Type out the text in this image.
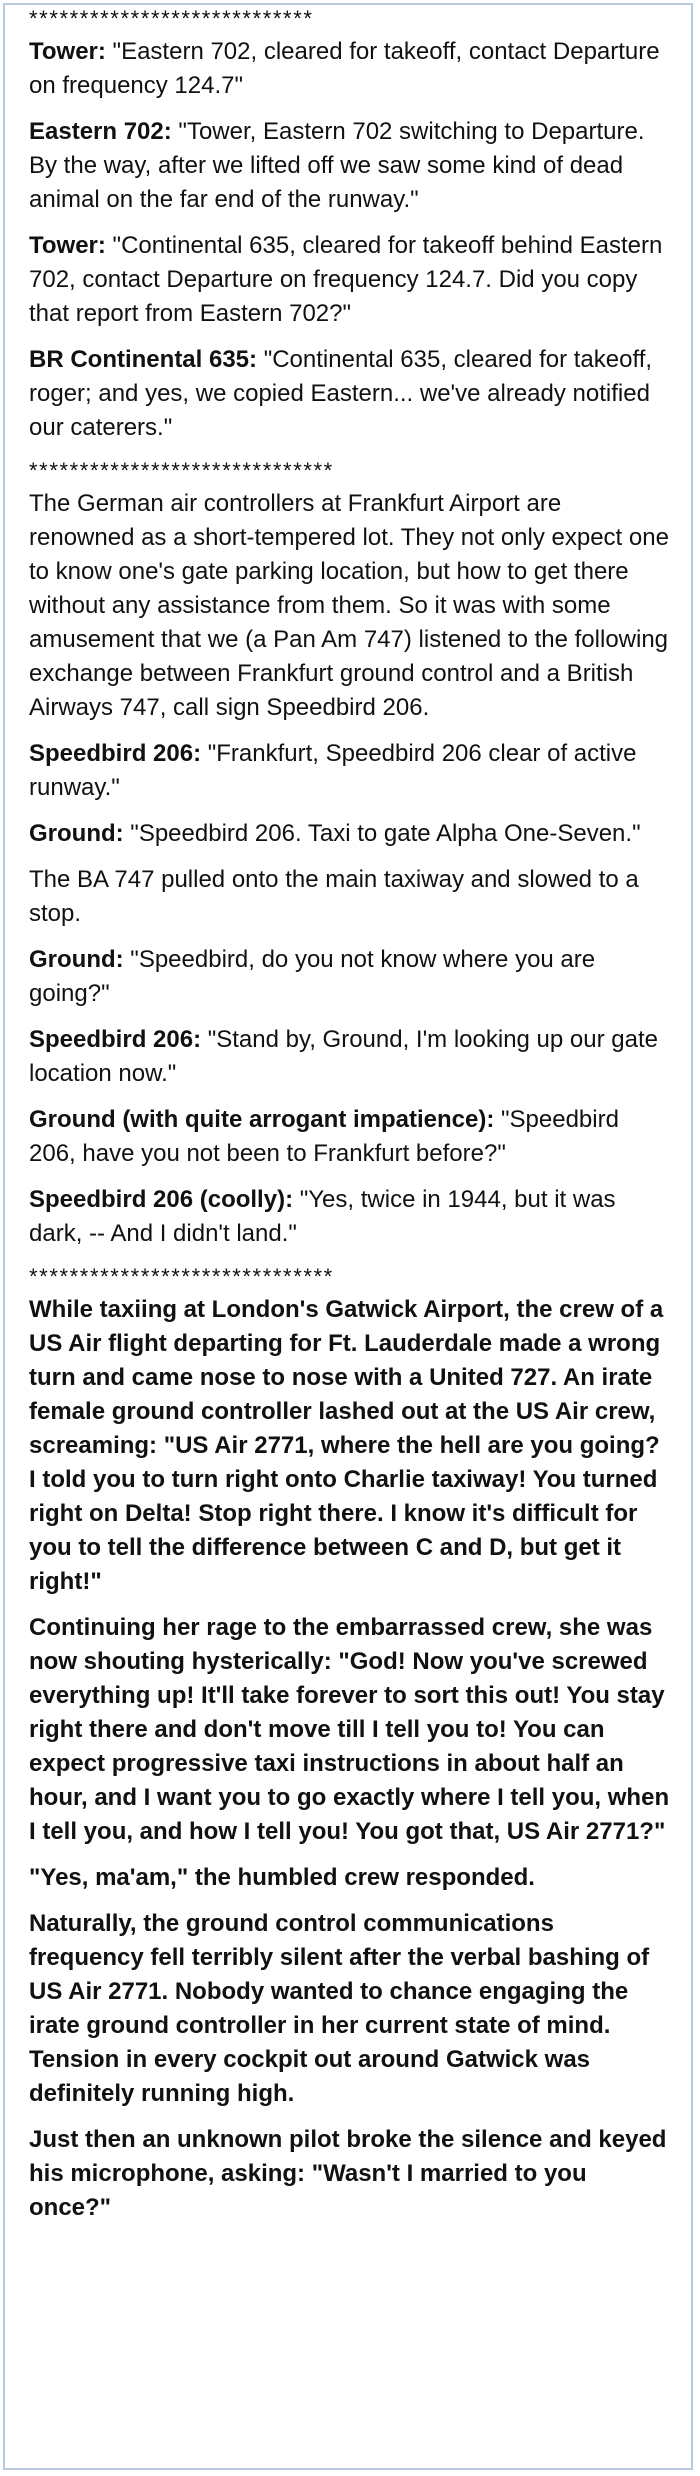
****************************

Tower: "Eastern 702, cleared for takeoff, contact Departure on frequency 124.7"

Eastern 702: "Tower, Eastern 702 switching to Departure. By the way, after we lifted off we saw some kind of dead animal on the far end of the runway."

Tower: "Continental 635, cleared for takeoff behind Eastern 702, contact Departure on frequency 124.7. Did you copy that report from Eastern 702?"

BR Continental 635: "Continental 635, cleared for takeoff, roger; and yes, we copied Eastern... we've already notified our caterers."

******************************

The German air controllers at Frankfurt Airport are renowned as a short-tempered lot. They not only expect one to know one's gate parking location, but how to get there without any assistance from them. So it was with some amusement that we (a Pan Am 747) listened to the following exchange between Frankfurt ground control and a British Airways 747, call sign Speedbird 206.

Speedbird 206: "Frankfurt, Speedbird 206 clear of active runway."

Ground: "Speedbird 206. Taxi to gate Alpha One-Seven."

The BA 747 pulled onto the main taxiway and slowed to a stop.

Ground: "Speedbird, do you not know where you are going?"

Speedbird 206: "Stand by, Ground, I'm looking up our gate location now."

Ground (with quite arrogant impatience): "Speedbird 206, have you not been to Frankfurt before?"

Speedbird 206 (coolly): "Yes, twice in 1944, but it was dark, -- And I didn't land."

******************************

While taxiing at London's Gatwick Airport, the crew of a US Air flight departing for Ft. Lauderdale made a wrong turn and came nose to nose with a United 727. An irate female ground controller lashed out at the US Air crew, screaming: "US Air 2771, where the hell are you going? I told you to turn right onto Charlie taxiway! You turned right on Delta! Stop right there. I know it's difficult for you to tell the difference between C and D, but get it right!"

Continuing her rage to the embarrassed crew, she was now shouting hysterically: "God! Now you've screwed everything up! It'll take forever to sort this out! You stay right there and don't move till I tell you to! You can expect progressive taxi instructions in about half an hour, and I want you to go exactly where I tell you, when I tell you, and how I tell you! You got that, US Air 2771?"

"Yes, ma'am," the humbled crew responded.

Naturally, the ground control communications frequency fell terribly silent after the verbal bashing of US Air 2771. Nobody wanted to chance engaging the irate ground controller in her current state of mind. Tension in every cockpit out around Gatwick was definitely running high.

Just then an unknown pilot broke the silence and keyed his microphone, asking: "Wasn't I married to you once?"
